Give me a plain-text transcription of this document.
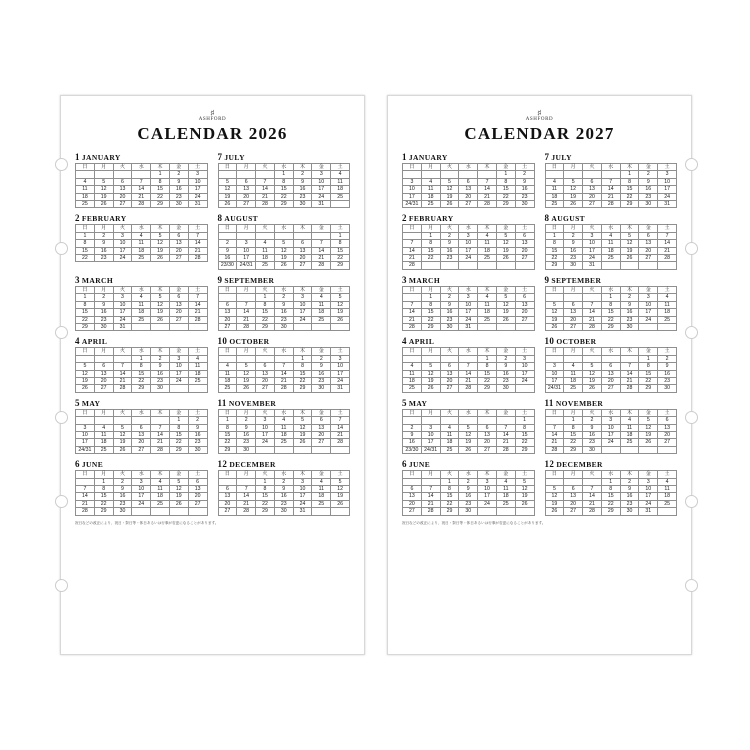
♯
ASHFORD
CALENDAR 2026
1 JANUARY
日	月	火	水	木	金	土
				1	2	3
4	5	6	7	8	9	10
11	12	13	14	15	16	17
18	19	20	21	22	23	24
25	26	27	28	29	30	31
7 JULY
日	月	火	水	木	金	土
			1	2	3	4
5	6	7	8	9	10	11
12	13	14	15	16	17	18
19	20	21	22	23	24	25
26	27	28	29	30	31	
2 FEBRUARY
日	月	火	水	木	金	土
1	2	3	4	5	6	7
8	9	10	11	12	13	14
15	16	17	18	19	20	21
22	23	24	25	26	27	28
8 AUGUST
日	月	火	水	木	金	土
						1
2	3	4	5	6	7	8
9	10	11	12	13	14	15
16	17	18	19	20	21	22
23/30	24/31	25	26	27	28	29
3 MARCH
日	月	火	水	木	金	土
1	2	3	4	5	6	7
8	9	10	11	12	13	14
15	16	17	18	19	20	21
22	23	24	25	26	27	28
29	30	31				
9 SEPTEMBER
日	月	火	水	木	金	土
		1	2	3	4	5
6	7	8	9	10	11	12
13	14	15	16	17	18	19
20	21	22	23	24	25	26
27	28	29	30			
4 APRIL
日	月	火	水	木	金	土
			1	2	3	4
5	6	7	8	9	10	11
12	13	14	15	16	17	18
19	20	21	22	23	24	25
26	27	28	29	30		
10 OCTOBER
日	月	火	水	木	金	土
				1	2	3
4	5	6	7	8	9	10
11	12	13	14	15	16	17
18	19	20	21	22	23	24
25	26	27	28	29	30	31
5 MAY
日	月	火	水	木	金	土
					1	2
3	4	5	6	7	8	9
10	11	12	13	14	15	16
17	18	19	20	21	22	23
24/31	25	26	27	28	29	30
11 NOVEMBER
日	月	火	水	木	金	土
1	2	3	4	5	6	7
8	9	10	11	12	13	14
15	16	17	18	19	20	21
22	23	24	25	26	27	28
29	30					
6 JUNE
日	月	火	水	木	金	土
	1	2	3	4	5	6
7	8	9	10	11	12	13
14	15	16	17	18	19	20
21	22	23	24	25	26	27
28	29	30				
12 DECEMBER
日	月	火	水	木	金	土
		1	2	3	4	5
6	7	8	9	10	11	12
13	14	15	16	17	18	19
20	21	22	23	24	25	26
27	28	29	30	31		
祝日などの改正により、祝日・祭日等・休日あるいは行事が変更になることがあります。
♯
ASHFORD
CALENDAR 2027
1 JANUARY
日	月	火	水	木	金	土
					1	2
3	4	5	6	7	8	9
10	11	12	13	14	15	16
17	18	19	20	21	22	23
24/31	25	26	27	28	29	30
7 JULY
日	月	火	水	木	金	土
				1	2	3
4	5	6	7	8	9	10
11	12	13	14	15	16	17
18	19	20	21	22	23	24
25	26	27	28	29	30	31
2 FEBRUARY
日	月	火	水	木	金	土
	1	2	3	4	5	6
7	8	9	10	11	12	13
14	15	16	17	18	19	20
21	22	23	24	25	26	27
28						
8 AUGUST
日	月	火	水	木	金	土
1	2	3	4	5	6	7
8	9	10	11	12	13	14
15	16	17	18	19	20	21
22	23	24	25	26	27	28
29	30	31				
3 MARCH
日	月	火	水	木	金	土
	1	2	3	4	5	6
7	8	9	10	11	12	13
14	15	16	17	18	19	20
21	22	23	24	25	26	27
28	29	30	31			
9 SEPTEMBER
日	月	火	水	木	金	土
			1	2	3	4
5	6	7	8	9	10	11
12	13	14	15	16	17	18
19	20	21	22	23	24	25
26	27	28	29	30		
4 APRIL
日	月	火	水	木	金	土
				1	2	3
4	5	6	7	8	9	10
11	12	13	14	15	16	17
18	19	20	21	22	23	24
25	26	27	28	29	30	
10 OCTOBER
日	月	火	水	木	金	土
					1	2
3	4	5	6	7	8	9
10	11	12	13	14	15	16
17	18	19	20	21	22	23
24/31	25	26	27	28	29	30
5 MAY
日	月	火	水	木	金	土
						1
2	3	4	5	6	7	8
9	10	11	12	13	14	15
16	17	18	19	20	21	22
23/30	24/31	25	26	27	28	29
11 NOVEMBER
日	月	火	水	木	金	土
	1	2	3	4	5	6
7	8	9	10	11	12	13
14	15	16	17	18	19	20
21	22	23	24	25	26	27
28	29	30				
6 JUNE
日	月	火	水	木	金	土
		1	2	3	4	5
6	7	8	9	10	11	12
13	14	15	16	17	18	19
20	21	22	23	24	25	26
27	28	29	30			
12 DECEMBER
日	月	火	水	木	金	土
			1	2	3	4
5	6	7	8	9	10	11
12	13	14	15	16	17	18
19	20	21	22	23	24	25
26	27	28	29	30	31	
祝日などの改正により、祝日・祭日等・休日あるいは行事が変更になることがあります。
